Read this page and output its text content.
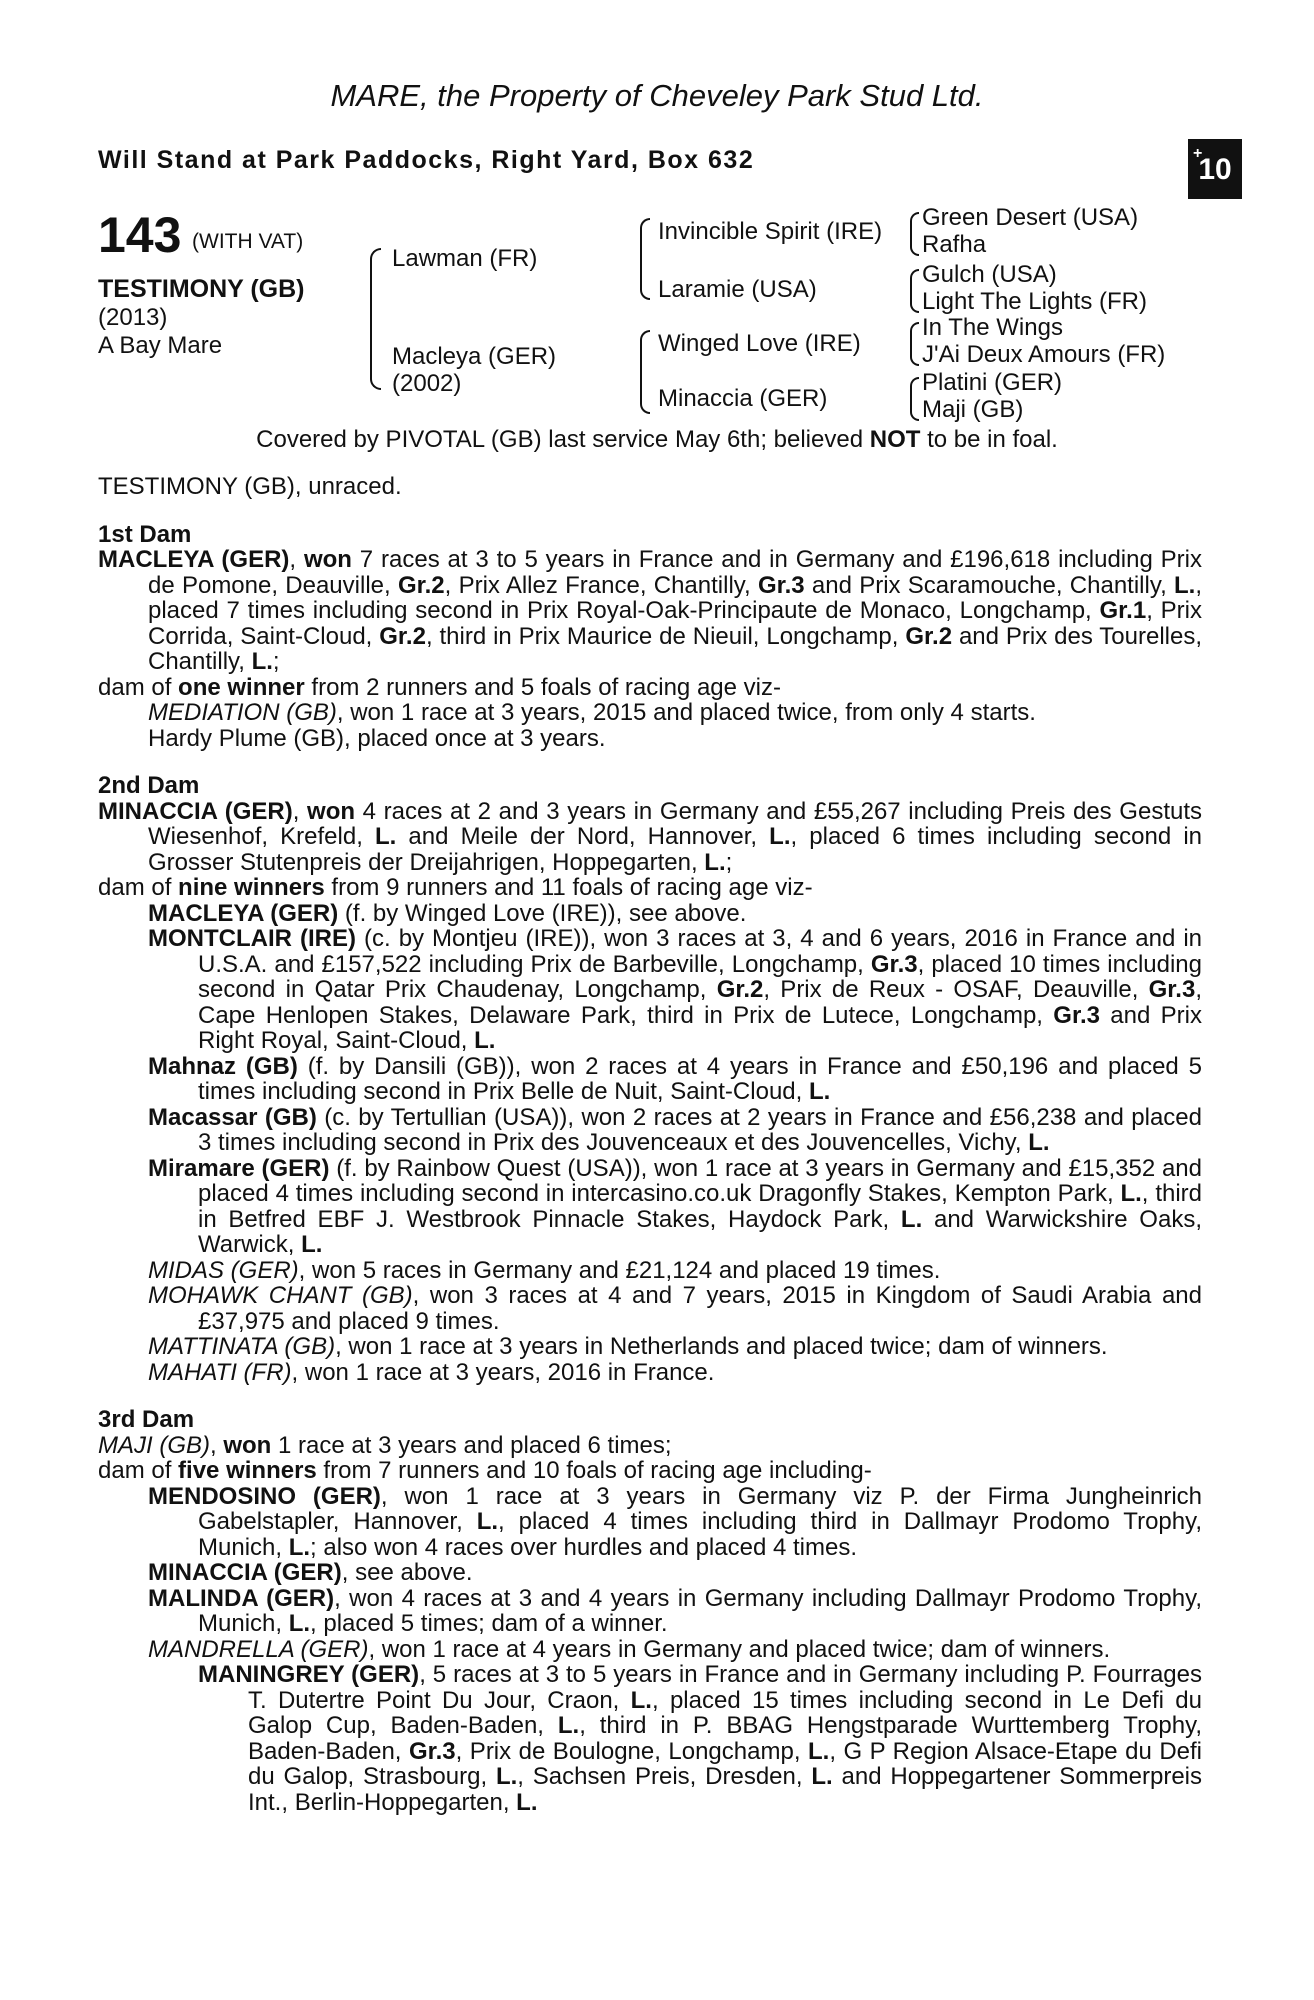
MARE, the Property of Cheveley Park Stud Ltd.
Will Stand at Park Paddocks, Right Yard, Box 632	+
10
143 (WITH VAT)
TESTIMONY (GB)
(2013)
A Bay Mare
Lawman (FR)
Macleya (GER)
(2002)
Invincible Spirit (IRE)
Laramie (USA)
Winged Love (IRE)
Minaccia (GER)
Green Desert (USA)
Rafha
Gulch (USA)
Light The Lights (FR)
In The Wings
J'Ai Deux Amours (FR)
Platini (GER)
Maji (GB)
Covered by PIVOTAL (GB) last service May 6th; believed NOT to be in foal.

TESTIMONY (GB), unraced.

1st Dam

MACLEYA (GER), won 7 races at 3 to 5 years in France and in Germany and £196,618 including Prix de Pomone, Deauville, Gr.2, Prix Allez France, Chantilly, Gr.3 and Prix Scaramouche, Chantilly, L., placed 7 times including second in Prix Royal-Oak-Principaute de Monaco, Longchamp, Gr.1, Prix Corrida, Saint-Cloud, Gr.2, third in Prix Maurice de Nieuil, Longchamp, Gr.2 and Prix des Tourelles, Chantilly, L.;

dam of one winner from 2 runners and 5 foals of racing age viz-

MEDIATION (GB), won 1 race at 3 years, 2015 and placed twice, from only 4 starts.

Hardy Plume (GB), placed once at 3 years.

2nd Dam

MINACCIA (GER), won 4 races at 2 and 3 years in Germany and £55,267 including Preis des Gestuts Wiesenhof, Krefeld, L. and Meile der Nord, Hannover, L., placed 6 times including second in Grosser Stutenpreis der Dreijahrigen, Hoppegarten, L.;

dam of nine winners from 9 runners and 11 foals of racing age viz-

MACLEYA (GER) (f. by Winged Love (IRE)), see above.

MONTCLAIR (IRE) (c. by Montjeu (IRE)), won 3 races at 3, 4 and 6 years, 2016 in France and in U.S.A. and £157,522 including Prix de Barbeville, Longchamp, Gr.3, placed 10 times including second in Qatar Prix Chaudenay, Longchamp, Gr.2, Prix de Reux - OSAF, Deauville, Gr.3, Cape Henlopen Stakes, Delaware Park, third in Prix de Lutece, Longchamp, Gr.3 and Prix Right Royal, Saint-Cloud, L.

Mahnaz (GB) (f. by Dansili (GB)), won 2 races at 4 years in France and £50,196 and placed 5 times including second in Prix Belle de Nuit, Saint-Cloud, L.

Macassar (GB) (c. by Tertullian (USA)), won 2 races at 2 years in France and £56,238 and placed 3 times including second in Prix des Jouvenceaux et des Jouvencelles, Vichy, L.

Miramare (GER) (f. by Rainbow Quest (USA)), won 1 race at 3 years in Germany and £15,352 and placed 4 times including second in intercasino.co.uk Dragonfly Stakes, Kempton Park, L., third in Betfred EBF J. Westbrook Pinnacle Stakes, Haydock Park, L. and Warwickshire Oaks, Warwick, L.

MIDAS (GER), won 5 races in Germany and £21,124 and placed 19 times.

MOHAWK CHANT (GB), won 3 races at 4 and 7 years, 2015 in Kingdom of Saudi Arabia and £37,975 and placed 9 times.

MATTINATA (GB), won 1 race at 3 years in Netherlands and placed twice; dam of winners.

MAHATI (FR), won 1 race at 3 years, 2016 in France.

3rd Dam

MAJI (GB), won 1 race at 3 years and placed 6 times;

dam of five winners from 7 runners and 10 foals of racing age including-

MENDOSINO (GER), won 1 race at 3 years in Germany viz P. der Firma Jungheinrich Gabelstapler, Hannover, L., placed 4 times including third in Dallmayr Prodomo Trophy, Munich, L.; also won 4 races over hurdles and placed 4 times.

MINACCIA (GER), see above.

MALINDA (GER), won 4 races at 3 and 4 years in Germany including Dallmayr Prodomo Trophy, Munich, L., placed 5 times; dam of a winner.

MANDRELLA (GER), won 1 race at 4 years in Germany and placed twice; dam of winners.

MANINGREY (GER), 5 races at 3 to 5 years in France and in Germany including P. Fourrages T. Dutertre Point Du Jour, Craon, L., placed 15 times including second in Le Defi du Galop Cup, Baden-Baden, L., third in P. BBAG Hengstparade Wurttemberg Trophy, Baden-Baden, Gr.3, Prix de Boulogne, Longchamp, L., G P Region Alsace-Etape du Defi du Galop, Strasbourg, L., Sachsen Preis, Dresden, L. and Hoppegartener Sommerpreis Int., Berlin-Hoppegarten, L.
